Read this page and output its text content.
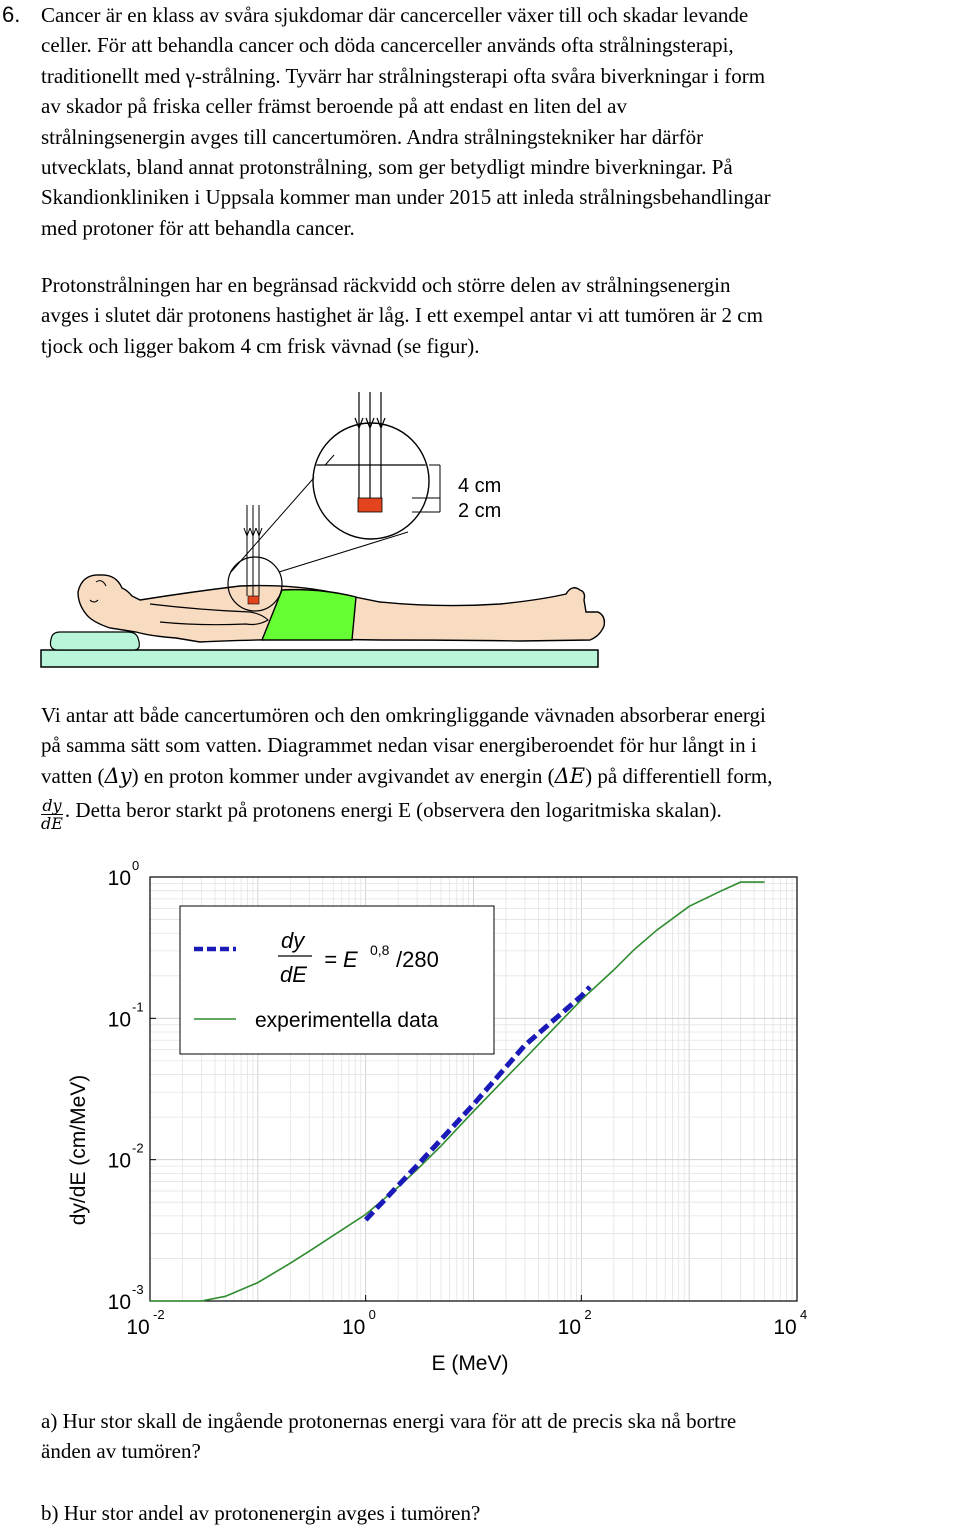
6. Cancer är en klass av svåra sjukdomar där cancerceller växer till och skadar levande
celler. För att behandla cancer och döda cancerceller används ofta strålningsterapi,
traditionellt med γ-strålning. Tyvärr har strålningsterapi ofta svåra biverkningar i form
av skador på friska celler främst beroende på att endast en liten del av
strålningsenergin avges till cancertumören. Andra strålningstekniker har därför
utvecklats, bland annat protonstrålning, som ger betydligt mindre biverkningar. På
Skandionkliniken i Uppsala kommer man under 2015 att inleda strålningsbehandlingar
med protoner för att behandla cancer.
Protonstrålningen har en begränsad räckvidd och större delen av strålningsenergin
avges i slutet där protonens hastighet är låg. I ett exempel antar vi att tumören är 2 cm
tjock och ligger bakom 4 cm frisk vävnad (se figur).
4 cm
2 cm
Vi antar att både cancertumören och den omkringliggande vävnaden absorberar energi
på samma sätt som vatten. Diagrammet nedan visar energiberoendet för hur långt in i
vatten (Δy) en proton kommer under avgivandet av energin (ΔE) på differentiell form,
$\frac{dy}{dE}$ . Detta beror starkt på protonens energi E (observera den logaritmiska skalan).
10
-2
10
0
10
2
10
4
10
-3
10
-2
10
-1
10
0
dy
dE
= E 0,8 /280
experimentella data
E (MeV)
dy/dE (cm/MeV)
a) Hur stor skall de ingående protonernas energi vara för att de precis ska nå bortre
änden av tumören?
b) Hur stor andel av protonenergin avges i tumören?
